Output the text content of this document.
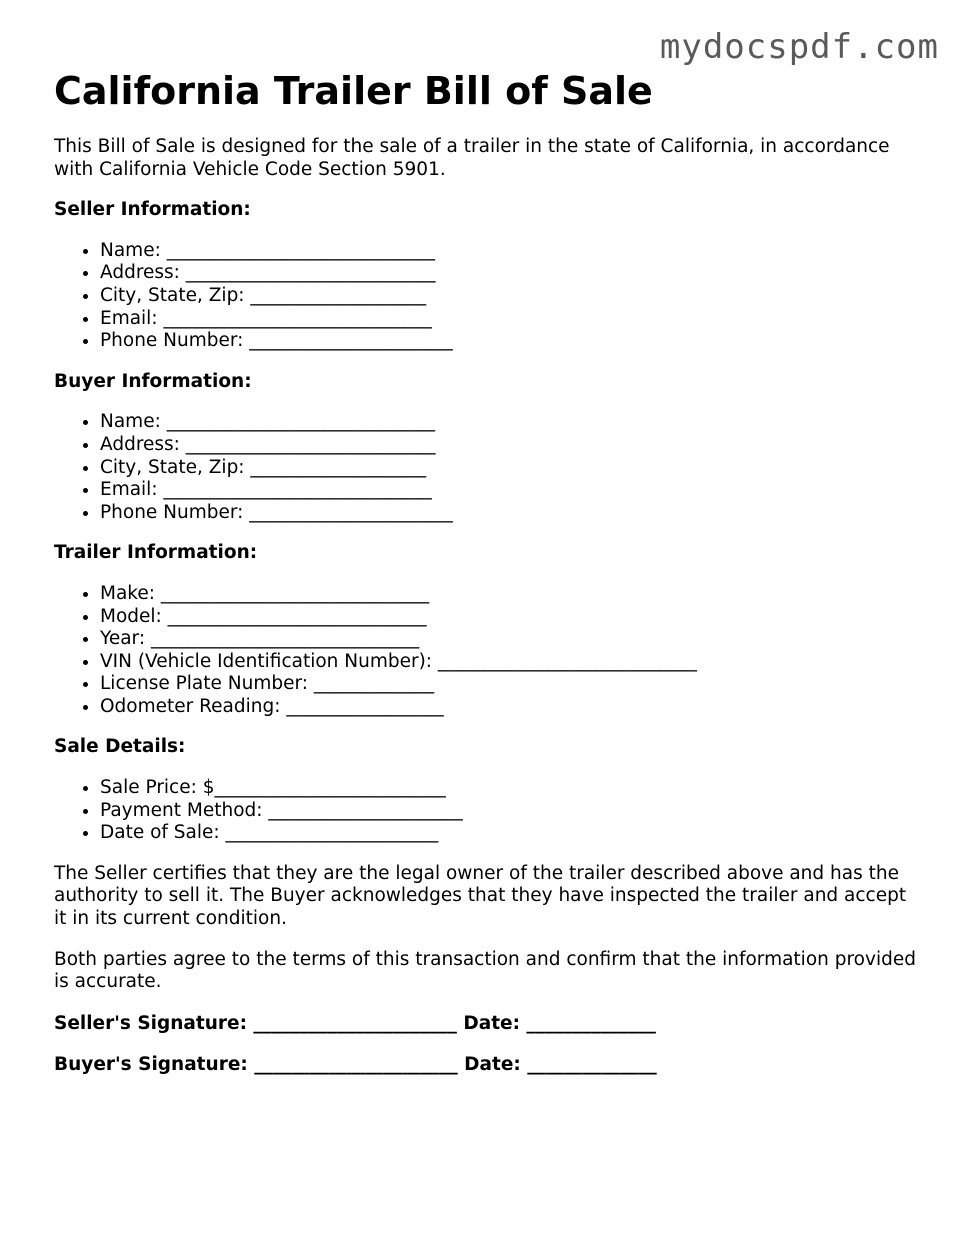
mydocspdf.com
California Trailer Bill of Sale

This Bill of Sale is designed for the sale of a trailer in the state of California, in accordance with California Vehicle Code Section 5901.

Seller Information:
• Name: _____________________________
• Address: ___________________________
• City, State, Zip: ___________________
• Email: _____________________________
• Phone Number: ______________________
Buyer Information:
• Name: _____________________________
• Address: ___________________________
• City, State, Zip: ___________________
• Email: _____________________________
• Phone Number: ______________________
Trailer Information:
• Make: _____________________________
• Model: ____________________________
• Year: _____________________________
• VIN (Vehicle Identification Number): ____________________________
• License Plate Number: _____________
• Odometer Reading: _________________
Sale Details:
• Sale Price: $_________________________
• Payment Method: _____________________
• Date of Sale: _______________________

The Seller certifies that they are the legal owner of the trailer described above and has the authority to sell it. The Buyer acknowledges that they have inspected the trailer and accept it in its current condition.

Both parties agree to the terms of this transaction and confirm that the information provided is accurate.

Seller's Signature: ______________________ Date: ______________
Buyer's Signature: ______________________ Date: ______________
